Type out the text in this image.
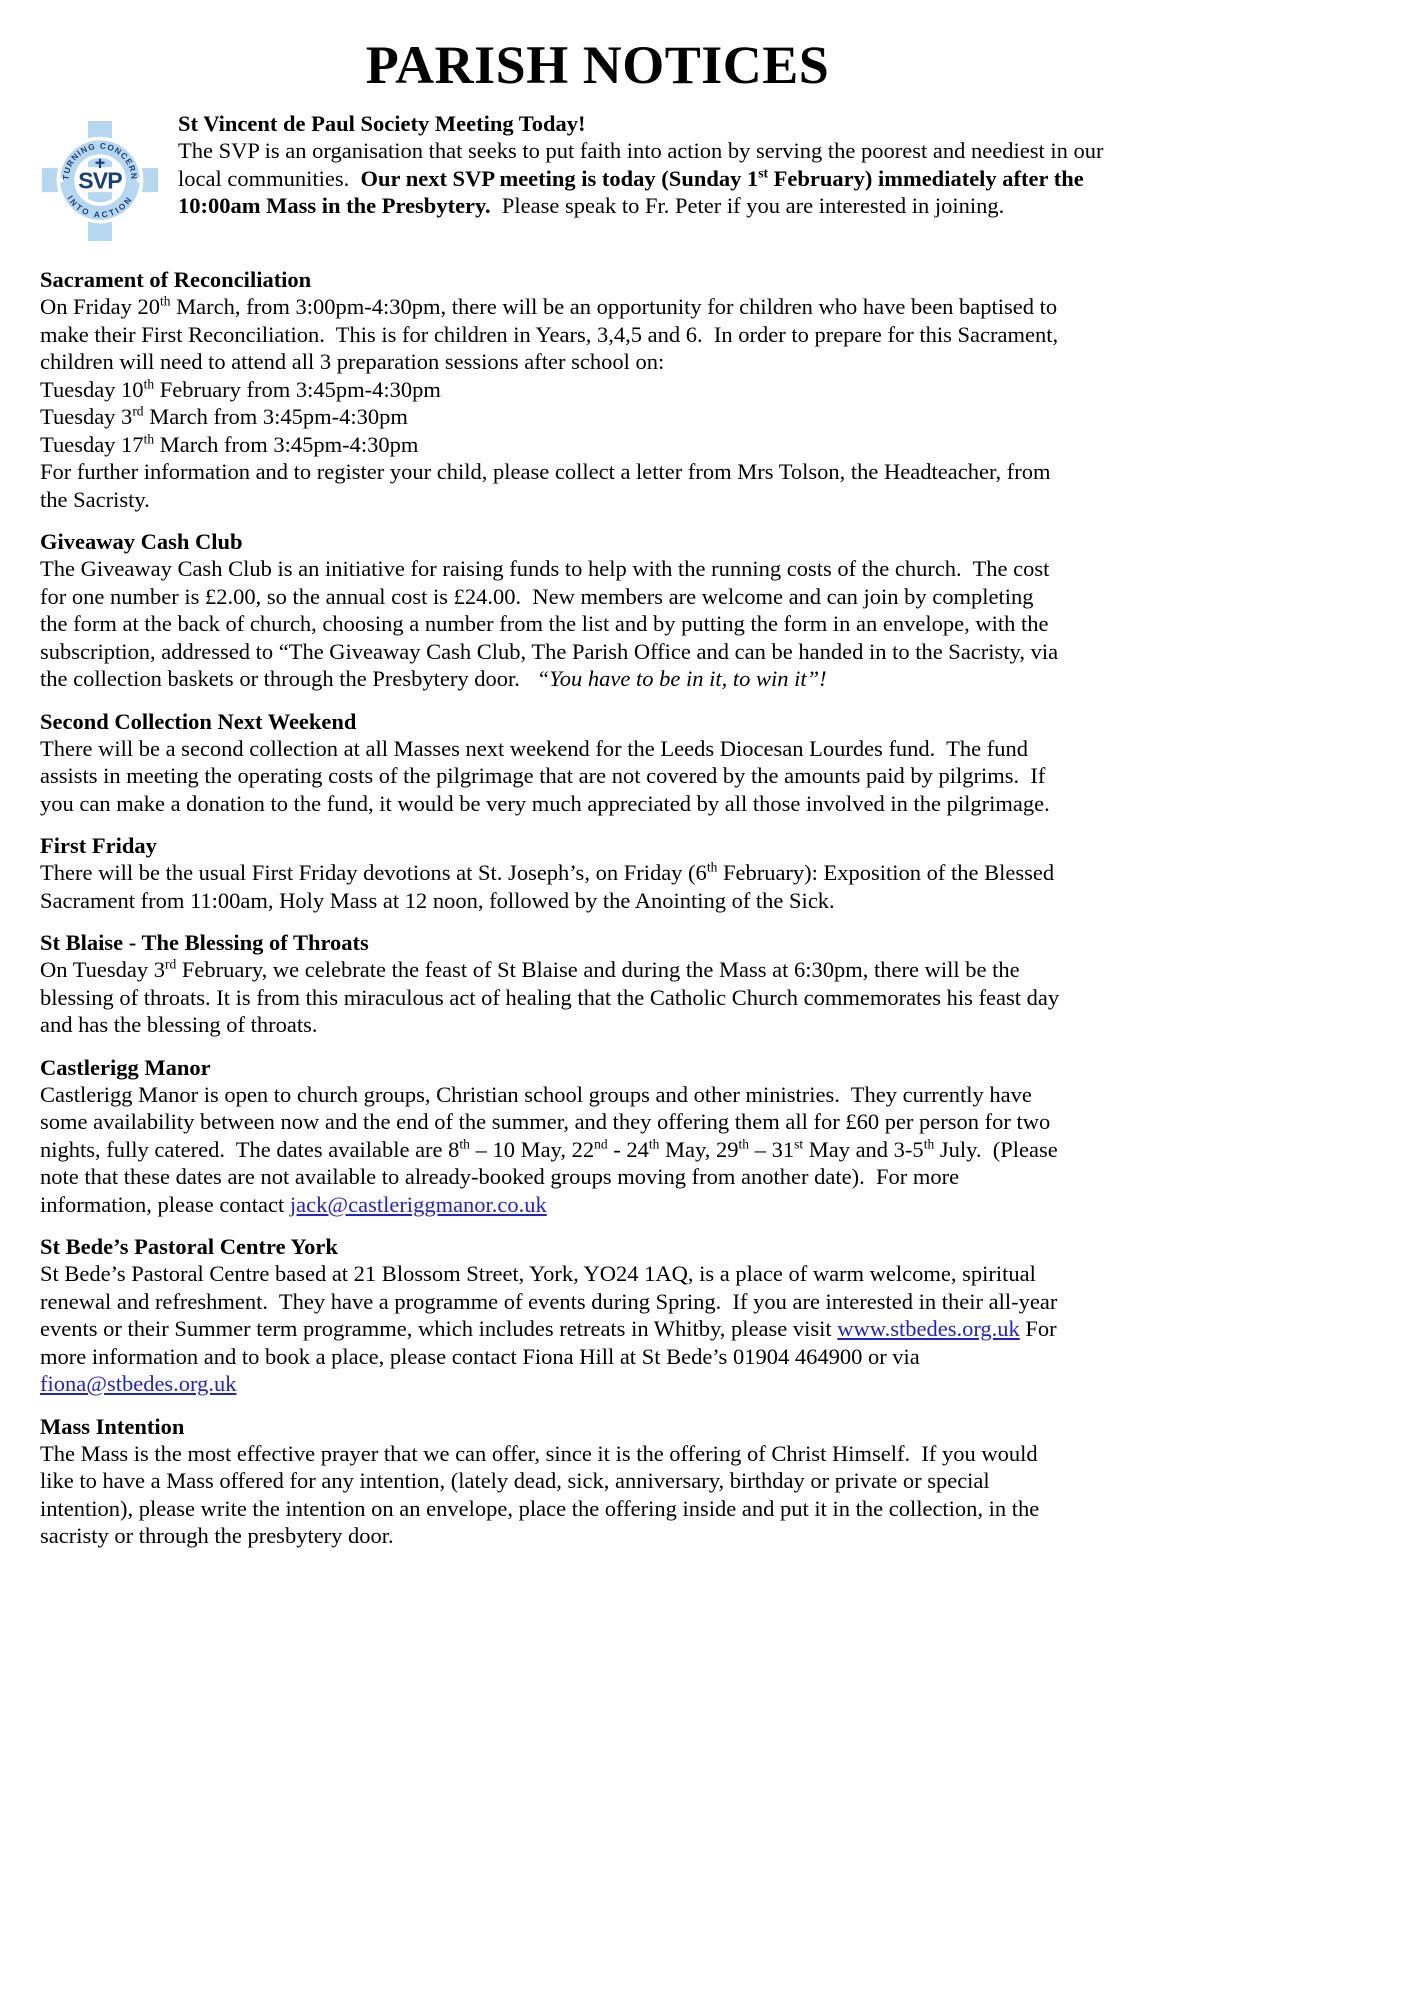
PARISH NOTICES
TURNING CONCERN
INTO ACTION
SVP
St Vincent de Paul Society Meeting Today!

The SVP is an organisation that seeks to put faith into action by serving the poorest and neediest in our local communities.  Our next SVP meeting is today (Sunday 1st February) immediately after the 10:00am Mass in the Presbytery.  Please speak to Fr. Peter if you are interested in joining.

Sacrament of Reconciliation

On Friday 20th March, from 3:00pm-4:30pm, there will be an opportunity for children who have been baptised to make their First Reconciliation.  This is for children in Years, 3,4,5 and 6.  In order to prepare for this Sacrament, children will need to attend all 3 preparation sessions after school on:

Tuesday 10th February from 3:45pm-4:30pm

Tuesday 3rd March from 3:45pm-4:30pm

Tuesday 17th March from 3:45pm-4:30pm

For further information and to register your child, please collect a letter from Mrs Tolson, the Headteacher, from the Sacristy.

Giveaway Cash Club

The Giveaway Cash Club is an initiative for raising funds to help with the running costs of the church.  The cost for one number is £2.00, so the annual cost is £24.00.  New members are welcome and can join by completing the form at the back of church, choosing a number from the list and by putting the form in an envelope, with the subscription, addressed to “The Giveaway Cash Club, The Parish Office and can be handed in to the Sacristy, via the collection baskets or through the Presbytery door.   “You have to be in it, to win it”!

Second Collection Next Weekend

There will be a second collection at all Masses next weekend for the Leeds Diocesan Lourdes fund.  The fund assists in meeting the operating costs of the pilgrimage that are not covered by the amounts paid by pilgrims.  If you can make a donation to the fund, it would be very much appreciated by all those involved in the pilgrimage.

First Friday

There will be the usual First Friday devotions at St. Joseph’s, on Friday (6th February): Exposition of the Blessed Sacrament from 11:00am, Holy Mass at 12 noon, followed by the Anointing of the Sick.

St Blaise - The Blessing of Throats

On Tuesday 3rd February, we celebrate the feast of St Blaise and during the Mass at 6:30pm, there will be the blessing of throats. It is from this miraculous act of healing that the Catholic Church commemorates his feast day and has the blessing of throats.

Castlerigg Manor

Castlerigg Manor is open to church groups, Christian school groups and other ministries.  They currently have some availability between now and the end of the summer, and they offering them all for £60 per person for two nights, fully catered.  The dates available are 8th – 10 May, 22nd - 24th May, 29th – 31st May and 3-5th July.  (Please note that these dates are not available to already-booked groups moving from another date).  For more information, please contact jack@castleriggmanor.co.uk

St Bede’s Pastoral Centre York

St Bede’s Pastoral Centre based at 21 Blossom Street, York, YO24 1AQ, is a place of warm welcome, spiritual renewal and refreshment.  They have a programme of events during Spring.  If you are interested in their all-year events or their Summer term programme, which includes retreats in Whitby, please visit www.stbedes.org.uk For more information and to book a place, please contact Fiona Hill at St Bede’s 01904 464900 or via fiona@stbedes.org.uk

Mass Intention

The Mass is the most effective prayer that we can offer, since it is the offering of Christ Himself.  If you would like to have a Mass offered for any intention, (lately dead, sick, anniversary, birthday or private or special intention), please write the intention on an envelope, place the offering inside and put it in the collection, in the sacristy or through the presbytery door.
